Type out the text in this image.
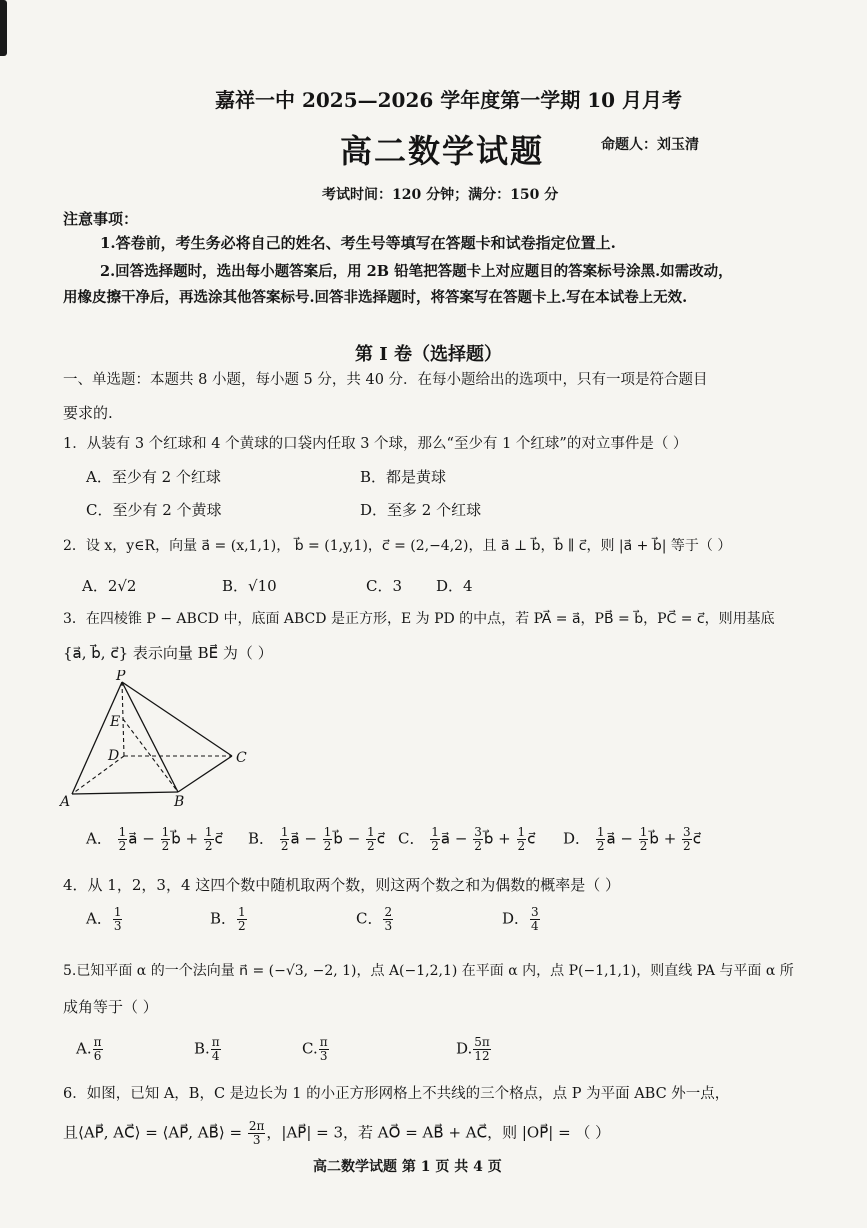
嘉祥一中 2025—2026 学年度第一学期 10 月月考
高二数学试题	命题人：刘玉清
考试时间：120 分钟；满分：150 分
注意事项：
1.答卷前，考生务必将自己的姓名、考生号等填写在答题卡和试卷指定位置上.
2.回答选择题时，选出每小题答案后，用 2B 铅笔把答题卡上对应题目的答案标号涂黑.如需改动，
用橡皮擦干净后，再选涂其他答案标号.回答非选择题时，将答案写在答题卡上.写在本试卷上无效.
第 I 卷（选择题）
一、单选题：本题共 8 小题，每小题 5 分，共 40 分．在每小题给出的选项中，只有一项是符合题目
要求的.
1．从装有 3 个红球和 4 个黄球的口袋内任取 3 个球，那么“至少有 1 个红球”的对立事件是（ ）
A．至少有 2 个红球	B．都是黄球
C．至少有 2 个黄球	D．至多 2 个红球
2．设 x，y∈R，向量 a⃗ = (x,1,1)， b⃗ = (1,y,1)，c⃗ = (2,−4,2)，且 a⃗ ⊥ b⃗，b⃗ ∥ c⃗，则 |a⃗ + b⃗| 等于（ ）
A．2√2	B．√10	C．3 D．4
3．在四棱锥 P − ABCD 中，底面 ABCD 是正方形，E 为 PD 的中点，若 PA⃗ = a⃗，PB⃗ = b⃗，PC⃗ = c⃗，则用基底
{a⃗, b⃗, c⃗} 表示向量 BE⃗ 为（ ）
P
E
D	C
A	B
A． $\frac{1}{2}$ a⃗ − $\frac{1}{2}$ b⃗ + $\frac{1}{2}$ c⃗ B． $\frac{1}{2}$ a⃗ − $\frac{1}{2}$ b⃗ − $\frac{1}{2}$ c⃗ C． $\frac{1}{2}$ a⃗ − $\frac{3}{2}$ b⃗ + $\frac{1}{2}$ c⃗ D． $\frac{1}{2}$ a⃗ − $\frac{1}{2}$ b⃗ + $\frac{3}{2}$ c⃗
4．从 1，2，3，4 这四个数中随机取两个数，则这两个数之和为偶数的概率是（ ）
A． $\frac{1}{3}$	B． $\frac{1}{2}$	C． $\frac{2}{3}$	D． $\frac{3}{4}$
5.已知平面 α 的一个法向量 n⃗ = (−√3, −2, 1)，点 A(−1,2,1) 在平面 α 内，点 P(−1,1,1)，则直线 PA 与平面 α 所
成角等于（ ）
A. $\frac{\pi}{6}$	B. $\frac{\pi}{4}$	C. $\frac{\pi}{3}$	D. $\frac{5\pi}{12}$
6．如图，已知 A，B，C 是边长为 1 的小正方形网格上不共线的三个格点，点 P 为平面 ABC 外一点，
且⟨AP⃗, AC⃗⟩ = ⟨AP⃗, AB⃗⟩ = $\frac{2\pi}{3}$ ，|AP⃗| = 3，若 AO⃗ = AB⃗ + AC⃗，则 |OP⃗| = （ ）
高二数学试题 第 1 页 共 4 页
